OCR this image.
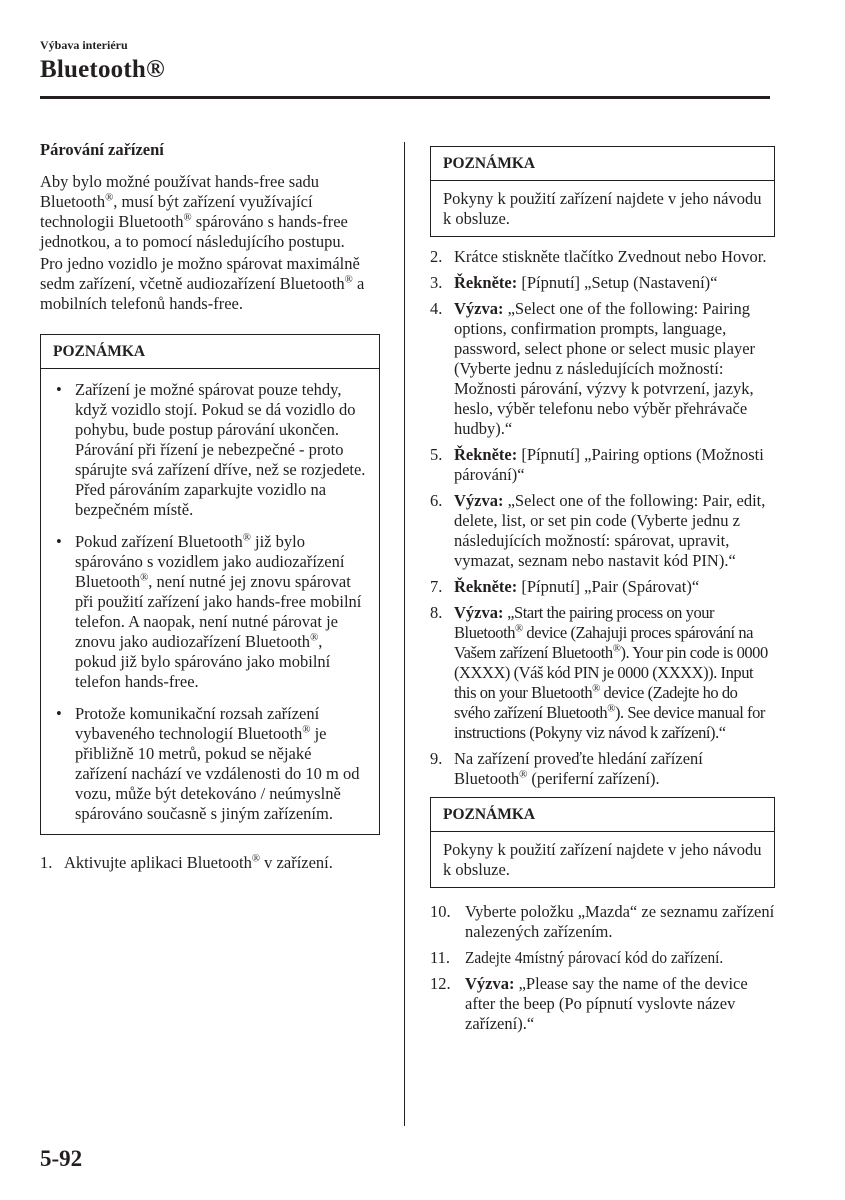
Výbava interiéru
Bluetooth®
Párování zařízení

Aby bylo možné používat hands-free sadu Bluetooth®, musí být zařízení využívající technologii Bluetooth® spárováno s hands-free jednotkou, a to pomocí následujícího postupu.

Pro jedno vozidlo je možno spárovat maximálně sedm zařízení, včetně audiozařízení Bluetooth® a mobilních telefonů hands-free.

POZNÁMKA
• Zařízení je možné spárovat pouze tehdy, když vozidlo stojí. Pokud se dá vozidlo do pohybu, bude postup párování ukončen. Párování při řízení je nebezpečné - proto spárujte svá zařízení dříve, než se rozjedete. Před párováním zaparkujte vozidlo na bezpečném místě.
• Pokud zařízení Bluetooth® již bylo spárováno s vozidlem jako audiozařízení Bluetooth®, není nutné jej znovu spárovat při použití zařízení jako hands-free mobilní telefon. A naopak, není nutné párovat je znovu jako audiozařízení Bluetooth®, pokud již bylo spárováno jako mobilní telefon hands-free.
• Protože komunikační rozsah zařízení vybaveného technologií Bluetooth® je přibližně 10 metrů, pokud se nějaké zařízení nachází ve vzdálenosti do 10 m od vozu, může být detekováno / neúmyslně spárováno současně s jiným zařízením.
1. Aktivujte aplikaci Bluetooth® v zařízení.
POZNÁMKA
Pokyny k použití zařízení najdete v jeho návodu k obsluze.
2. Krátce stiskněte tlačítko Zvednout nebo Hovor.
3. Řekněte: [Pípnutí] „Setup (Nastavení)“
4. Výzva: „Select one of the following: Pairing options, confirmation prompts, language, password, select phone or select music player (Vyberte jednu z následujících možností: Možnosti párování, výzvy k potvrzení, jazyk, heslo, výběr telefonu nebo výběr přehrávače hudby).“
5. Řekněte: [Pípnutí] „Pairing options (Možnosti párování)“
6. Výzva: „Select one of the following: Pair, edit, delete, list, or set pin code (Vyberte jednu z následujících možností: spárovat, upravit, vymazat, seznam nebo nastavit kód PIN).“
7. Řekněte: [Pípnutí] „Pair (Spárovat)“
8. Výzva: „Start the pairing process on your Bluetooth® device (Zahajuji proces spárování na Vašem zařízení Bluetooth®). Your pin code is 0000 (XXXX) (Váš kód PIN je 0000 (XXXX)). Input this on your Bluetooth® device (Zadejte ho do svého zařízení Bluetooth®). See device manual for instructions (Pokyny viz návod k zařízení).“
9. Na zařízení proveďte hledání zařízení Bluetooth® (periferní zařízení).
POZNÁMKA
Pokyny k použití zařízení najdete v jeho návodu k obsluze.
10. Vyberte položku „Mazda“ ze seznamu zařízení nalezených zařízením.
11. Zadejte 4místný párovací kód do zařízení.
12. Výzva: „Please say the name of the device after the beep (Po pípnutí vyslovte název zařízení).“
5-92
